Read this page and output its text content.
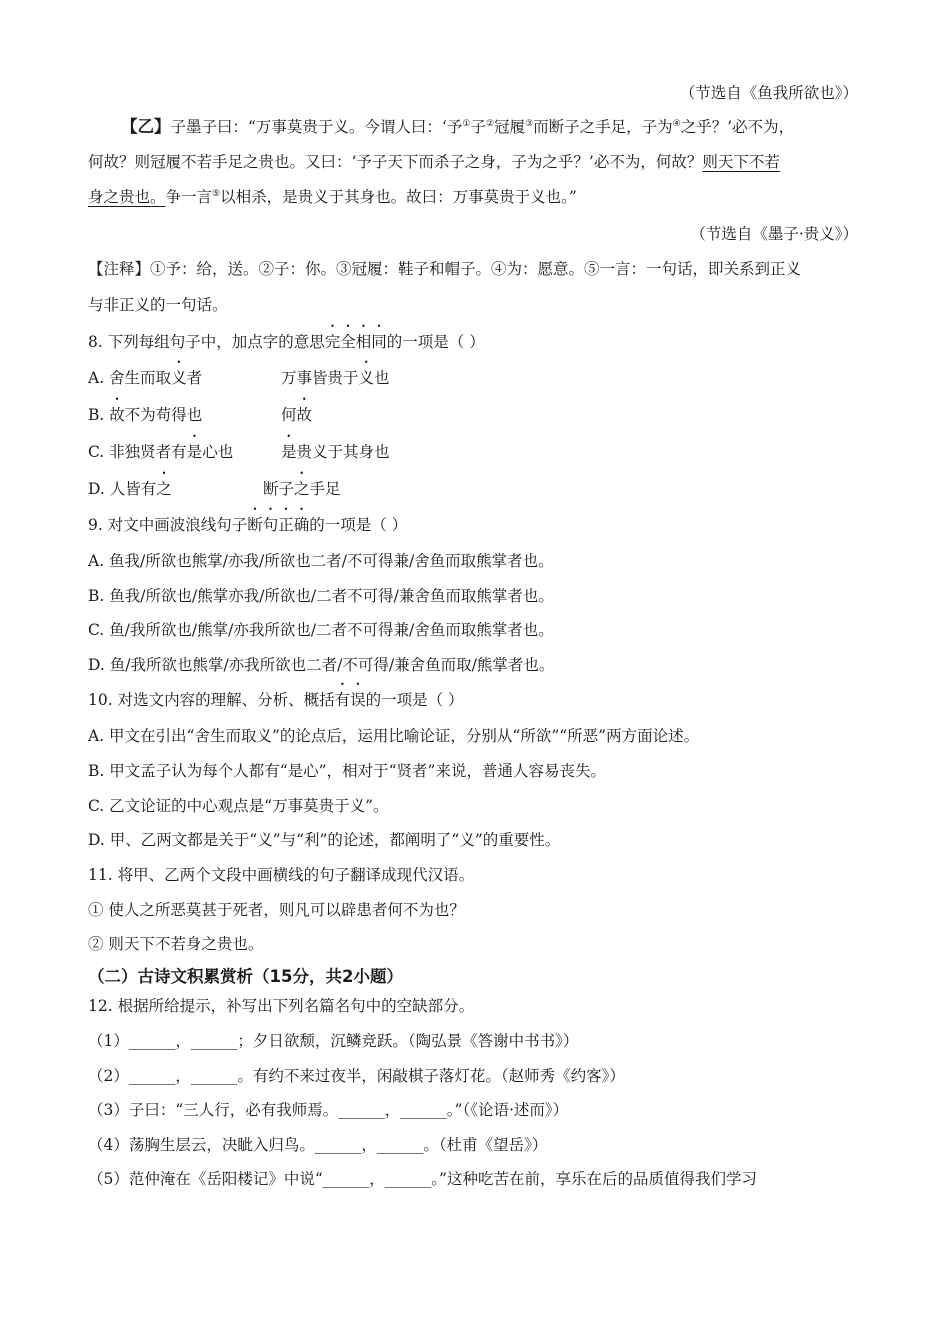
（节选自《鱼我所欲也》）
【乙】子墨子曰：“万事莫贵于义。今谓人曰：‘予①子②冠履③而断子之手足，子为④之乎？’必不为，
何故？则冠履不若手足之贵也。又曰：‘予子天下而杀子之身，子为之乎？’必不为，何故？则天下不若
身之贵也。争一言⑤以相杀，是贵义于其身也。故曰：万事莫贵于义也。”
（节选自《墨子·贵义》）
【注释】①予：给，送。②子：你。③冠履：鞋子和帽子。④为：愿意。⑤一言：一句话，即关系到正义
与非正义的一句话。
8. 下列每组句子中，加点字的意思完全相同的一项是（ ）
A. 舍生而取义者	万事皆贵于义也
B. 故不为苟得也	何故
C. 非独贤者有是心也	是贵义于其身也
D. 人皆有之	断子之手足
9. 对文中画波浪线句子断句正确的一项是（ ）
A. 鱼我/所欲也熊掌/亦我/所欲也二者/不可得兼/舍鱼而取熊掌者也。
B. 鱼我/所欲也/熊掌亦我/所欲也/二者不可得/兼舍鱼而取熊掌者也。
C. 鱼/我所欲也/熊掌/亦我所欲也/二者不可得兼/舍鱼而取熊掌者也。
D. 鱼/我所欲也熊掌/亦我所欲也二者/不可得/兼舍鱼而取/熊掌者也。
10. 对选文内容的理解、分析、概括有误的一项是（ ）
A. 甲文在引出“舍生而取义”的论点后，运用比喻论证，分别从“所欲”“所恶”两方面论述。
B. 甲文孟子认为每个人都有“是心”，相对于“贤者”来说，普通人容易丧失。
C. 乙文论证的中心观点是“万事莫贵于义”。
D. 甲、乙两文都是关于“义”与“利”的论述，都阐明了“义”的重要性。
11. 将甲、乙两个文段中画横线的句子翻译成现代汉语。
① 使人之所恶莫甚于死者，则凡可以辟患者何不为也？
② 则天下不若身之贵也。
（二）古诗文积累赏析（15分，共2小题）
12. 根据所给提示，补写出下列名篇名句中的空缺部分。
（1）______，______；夕日欲颓，沉鳞竞跃。（陶弘景《答谢中书书》）
（2）______，______。有约不来过夜半，闲敲棋子落灯花。（赵师秀《约客》）
（3）子曰：“三人行，必有我师焉。______，______。”（《论语·述而》）
（4）荡胸生层云，决眦入归鸟。______，______。（杜甫《望岳》）
（5）范仲淹在《岳阳楼记》中说“______，______。”这种吃苦在前，享乐在后的品质值得我们学习
